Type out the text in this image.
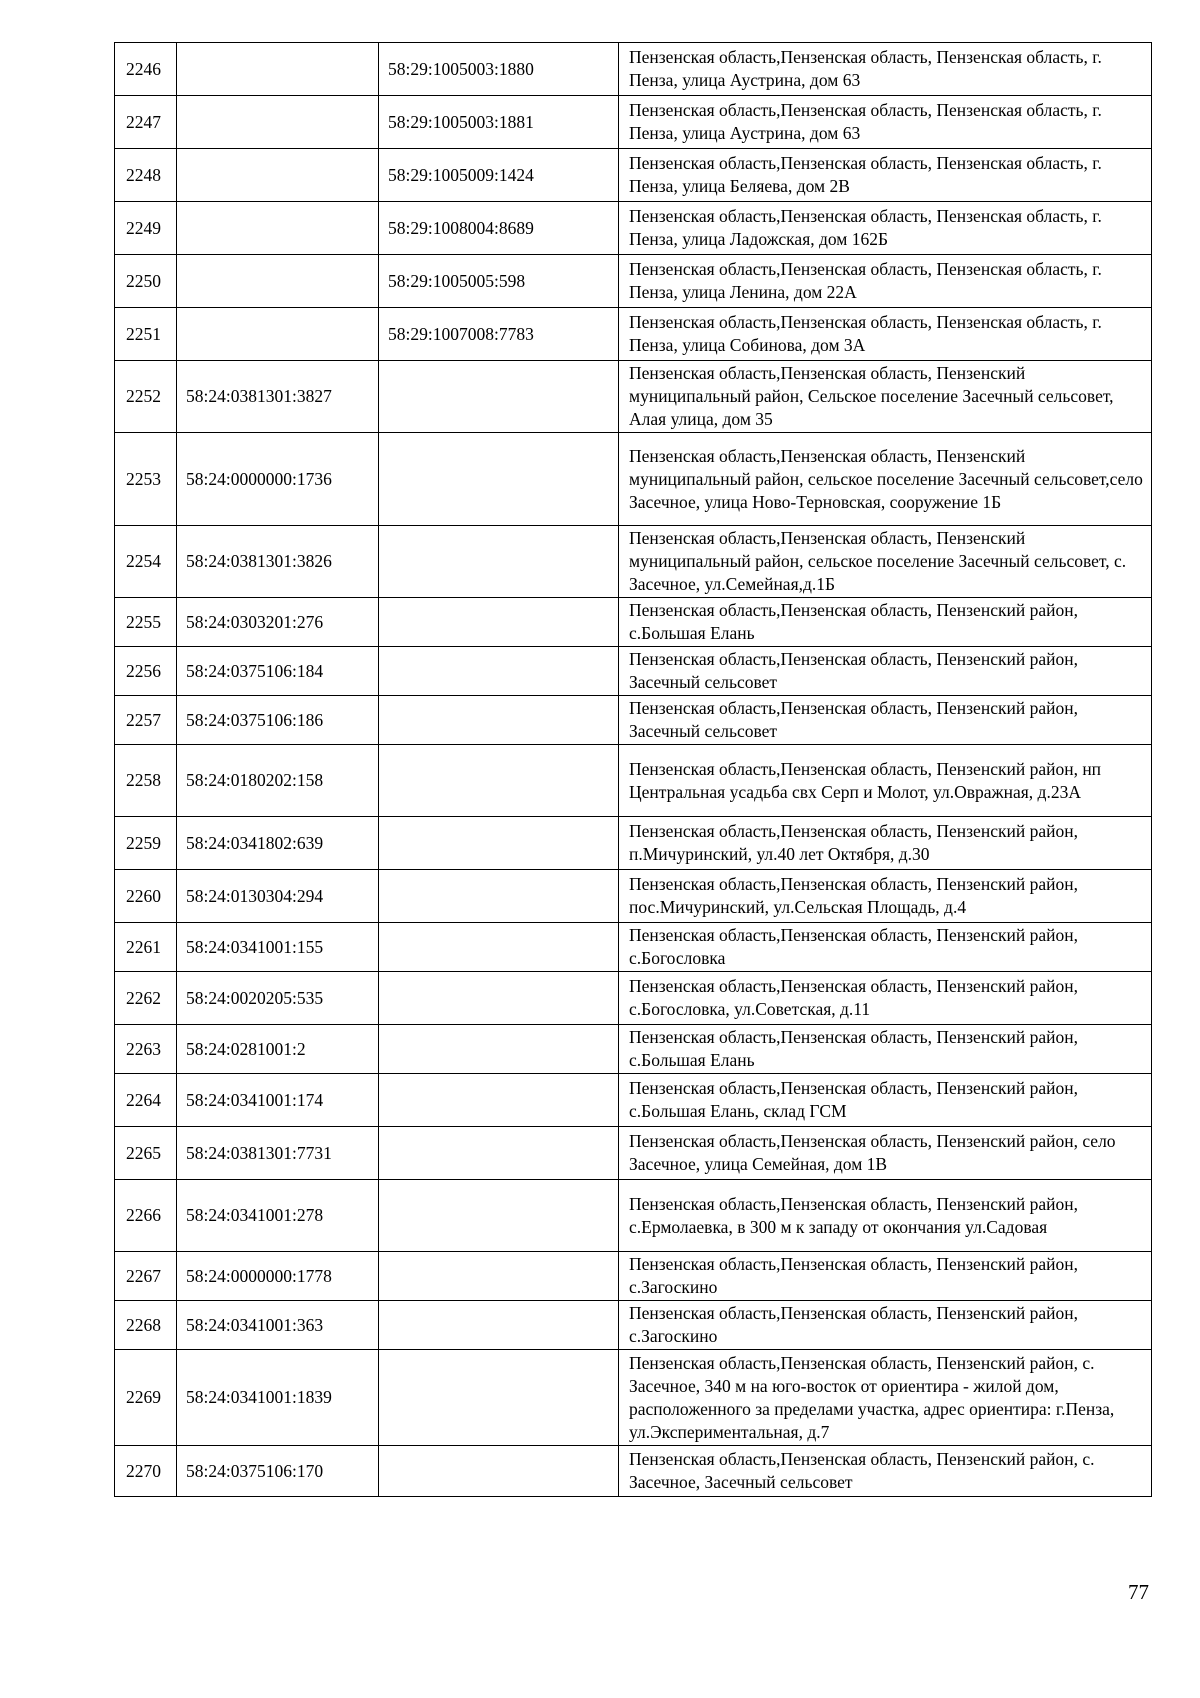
2246		58:29:1005003:1880	Пензенская область,Пензенская область, Пензенская область, г. Пенза, улица Аустрина, дом 63
2247		58:29:1005003:1881	Пензенская область,Пензенская область, Пензенская область, г. Пенза, улица Аустрина, дом 63
2248		58:29:1005009:1424	Пензенская область,Пензенская область, Пензенская область, г. Пенза, улица Беляева, дом 2В
2249		58:29:1008004:8689	Пензенская область,Пензенская область, Пензенская область, г. Пенза, улица Ладожская, дом 162Б
2250		58:29:1005005:598	Пензенская область,Пензенская область, Пензенская область, г. Пенза, улица Ленина, дом 22А
2251		58:29:1007008:7783	Пензенская область,Пензенская область, Пензенская область, г. Пенза, улица Собинова, дом 3А
2252	58:24:0381301:3827		Пензенская область,Пензенская область, Пензенский муниципальный район, Сельское поселение Засечный сельсовет, Алая улица, дом 35
2253	58:24:0000000:1736		Пензенская область,Пензенская область, Пензенский муниципальный район, сельское поселение Засечный сельсовет,село Засечное, улица Ново-Терновская, сооружение 1Б
2254	58:24:0381301:3826		Пензенская область,Пензенская область, Пензенский муниципальный район, сельское поселение Засечный сельсовет, с. Засечное, ул.Семейная,д.1Б
2255	58:24:0303201:276		Пензенская область,Пензенская область, Пензенский район, с.Большая Елань
2256	58:24:0375106:184		Пензенская область,Пензенская область, Пензенский район, Засечный сельсовет
2257	58:24:0375106:186		Пензенская область,Пензенская область, Пензенский район, Засечный сельсовет
2258	58:24:0180202:158		Пензенская область,Пензенская область, Пензенский район, нп Центральная усадьба свх Серп и Молот, ул.Овражная, д.23А
2259	58:24:0341802:639		Пензенская область,Пензенская область, Пензенский район, п.Мичуринский, ул.40 лет Октября, д.30
2260	58:24:0130304:294		Пензенская область,Пензенская область, Пензенский район, пос.Мичуринский, ул.Сельская Площадь, д.4
2261	58:24:0341001:155		Пензенская область,Пензенская область, Пензенский район, с.Богословка
2262	58:24:0020205:535		Пензенская область,Пензенская область, Пензенский район, с.Богословка, ул.Советская, д.11
2263	58:24:0281001:2		Пензенская область,Пензенская область, Пензенский район, с.Большая Елань
2264	58:24:0341001:174		Пензенская область,Пензенская область, Пензенский район, с.Большая Елань, склад ГСМ
2265	58:24:0381301:7731		Пензенская область,Пензенская область, Пензенский район, село Засечное, улица Семейная, дом 1В
2266	58:24:0341001:278		Пензенская область,Пензенская область, Пензенский район, с.Ермолаевка, в 300 м к западу от окончания ул.Садовая
2267	58:24:0000000:1778		Пензенская область,Пензенская область, Пензенский район, с.Загоскино
2268	58:24:0341001:363		Пензенская область,Пензенская область, Пензенский район, с.Загоскино
2269	58:24:0341001:1839		Пензенская область,Пензенская область, Пензенский район, с. Засечное, 340 м на юго-восток от ориентира - жилой дом, расположенного за пределами участка, адрес ориентира: г.Пенза, ул.Экспериментальная, д.7
2270	58:24:0375106:170		Пензенская область,Пензенская область, Пензенский район, с. Засечное, Засечный сельсовет
77
